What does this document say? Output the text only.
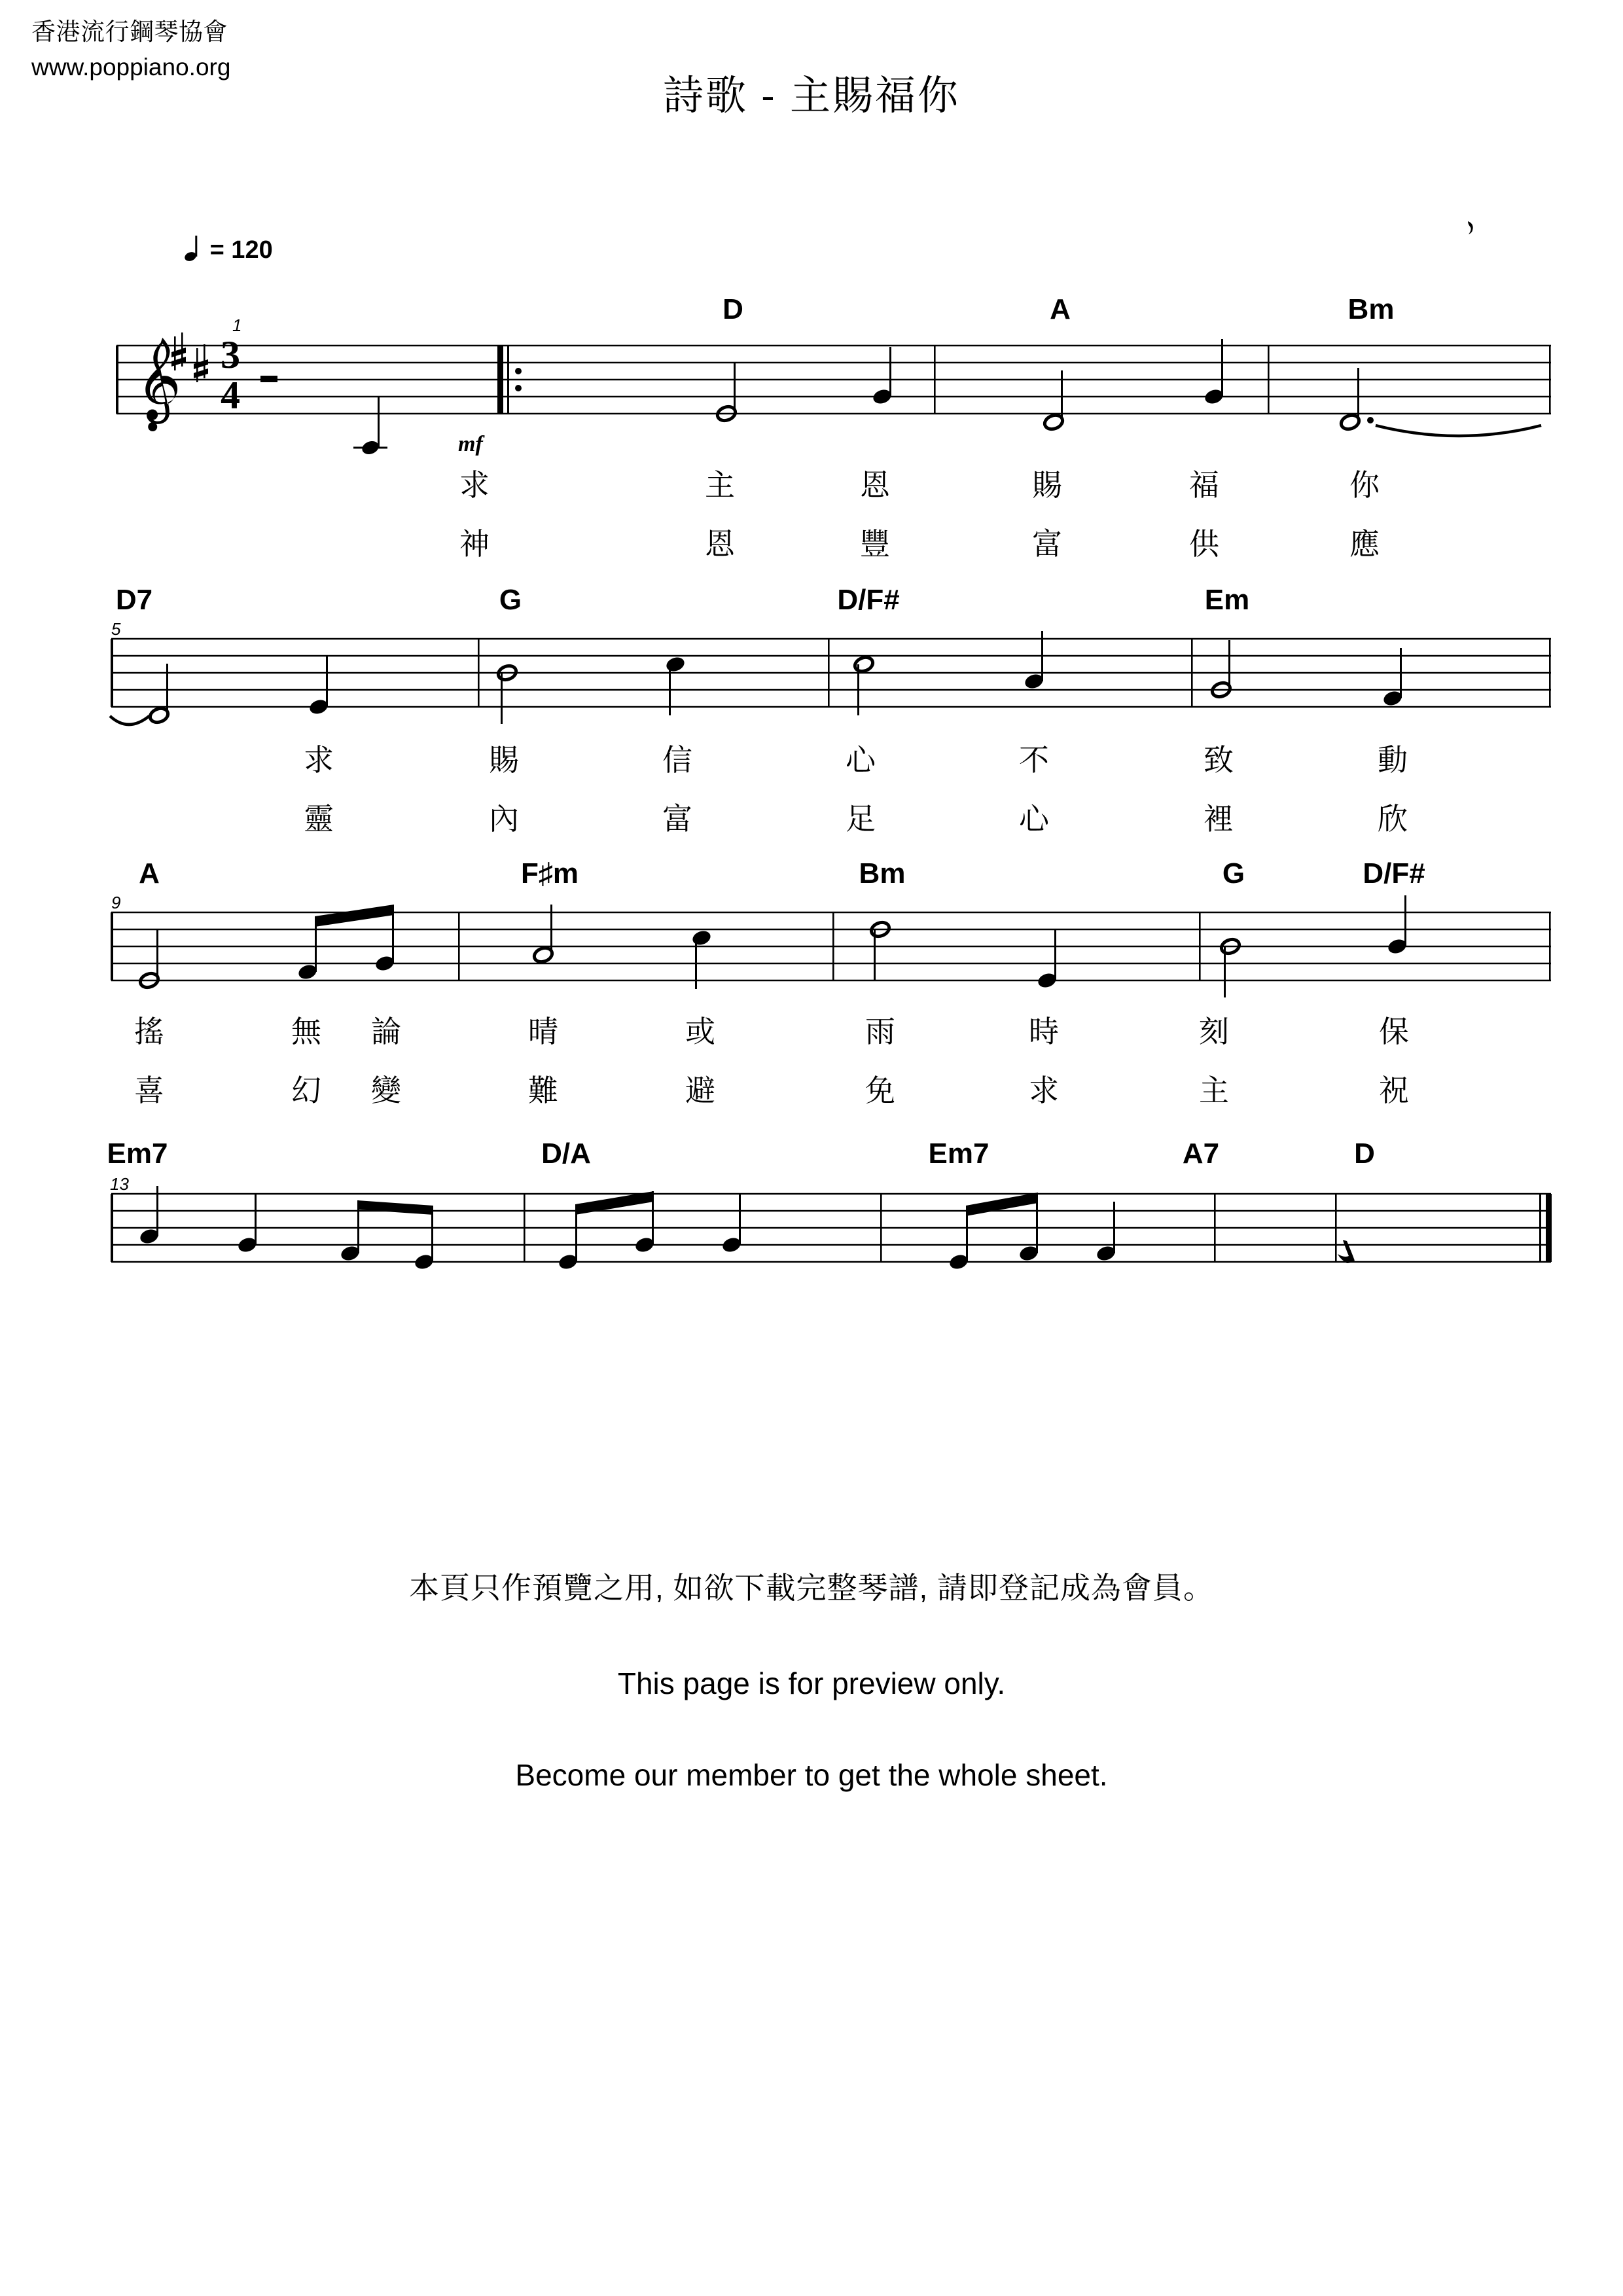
香港流行鋼琴協會
www.poppiano.org
詩歌 - 主賜福你
= 120
D	A	Bm
3
4
1
mf
求	主	恩	賜	福	你
神	恩	豐	富	供	應
D7	G	D/F#	Em
5
求	賜	信	心	不	致	動
靈	內	富	足	心	裡	欣
A	F♯m	Bm	G	D/F#
9
搖	無 論	晴	或	雨	時	刻	保
喜	幻 變	難	避	免	求	主	祝
Em7	D/A	Em7	A7	D
13
本頁只作預覽之用, 如欲下載完整琴譜, 請即登記成為會員。
This page is for preview only.
Become our member to get the whole sheet.
